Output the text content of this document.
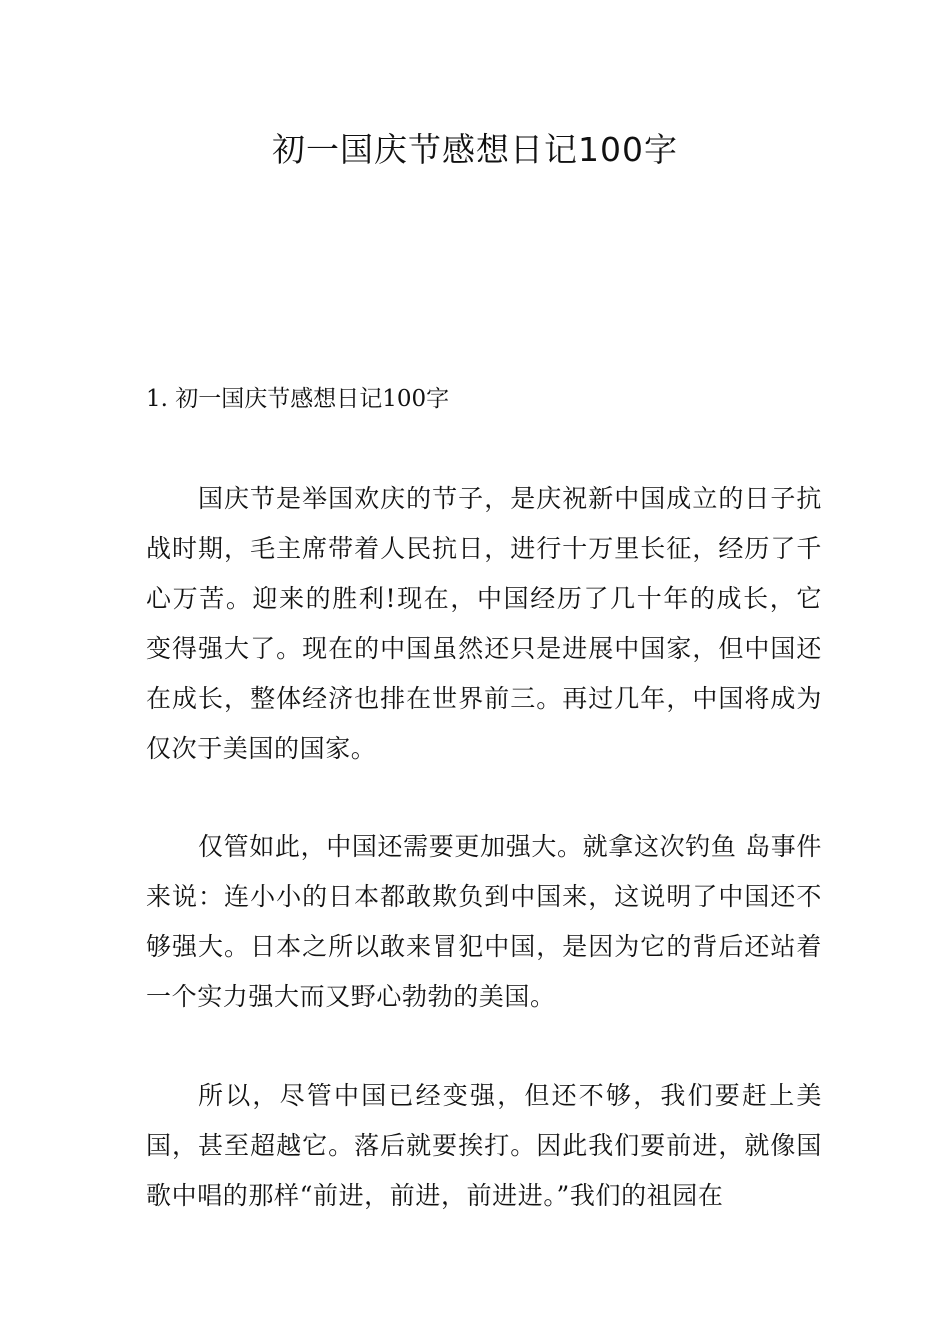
初一国庆节感想日记100字
1. 初一国庆节感想日记100字

国庆节是举国欢庆的节子，是庆祝新中国成立的日子抗战时期，毛主席带着人民抗日，进行十万里长征，经历了千心万苦。迎来的胜利!现在，中国经历了几十年的成长，它变得强大了。现在的中国虽然还只是进展中国家，但中国还在成长，整体经济也排在世界前三。再过几年，中国将成为仅次于美国的国家。

仅管如此，中国还需要更加强大。就拿这次钓鱼 岛事件来说：连小小的日本都敢欺负到中国来，这说明了中国还不够强大。日本之所以敢来冒犯中国，是因为它的背后还站着一个实力强大而又野心勃勃的美国。

所以，尽管中国已经变强，但还不够，我们要赶上美国，甚至超越它。落后就要挨打。因此我们要前进，就像国歌中唱的那样“前进，前进，前进进。”我们的祖园在
